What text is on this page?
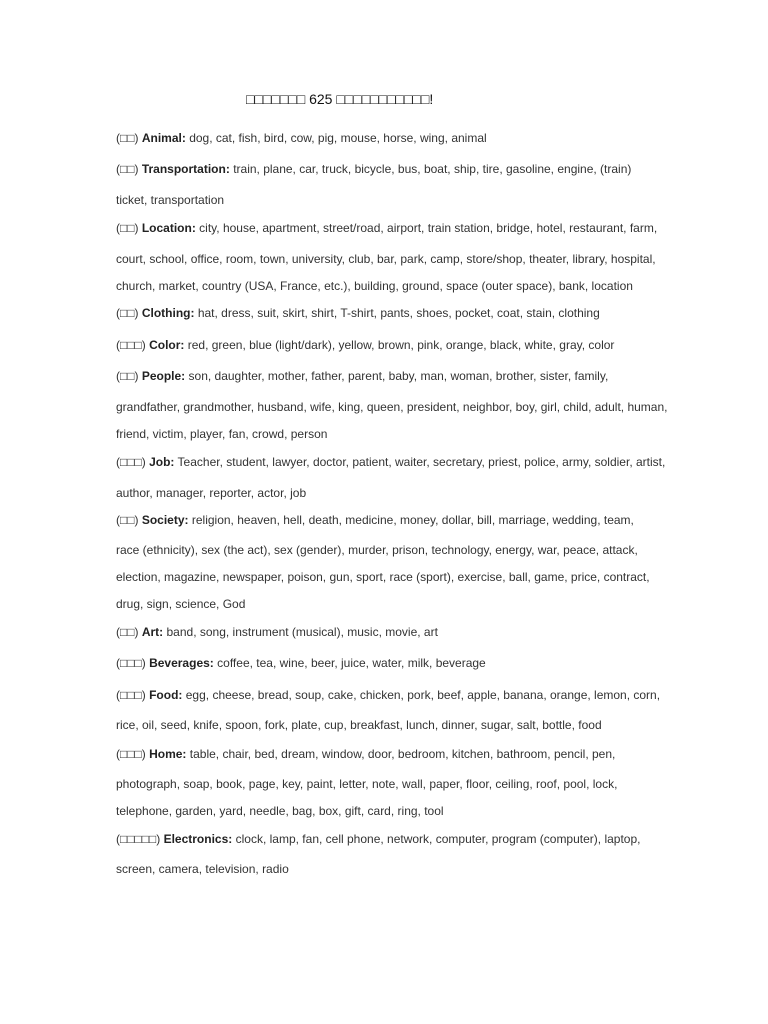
□□□□□□□ 625 □□□□□□□□□□□!
(□□) Animal: dog, cat, fish, bird, cow, pig, mouse, horse, wing, animal
(□□) Transportation: train, plane, car, truck, bicycle, bus, boat, ship, tire, gasoline, engine, (train)
ticket, transportation
(□□) Location: city, house, apartment, street/road, airport, train station, bridge, hotel, restaurant, farm,
court, school, office, room, town, university, club, bar, park, camp, store/shop, theater, library, hospital,
church, market, country (USA, France, etc.), building, ground, space (outer space), bank, location
(□□) Clothing: hat, dress, suit, skirt, shirt, T-shirt, pants, shoes, pocket, coat, stain, clothing
(□□□) Color: red, green, blue (light/dark), yellow, brown, pink, orange, black, white, gray, color
(□□) People: son, daughter, mother, father, parent, baby, man, woman, brother, sister, family,
grandfather, grandmother, husband, wife, king, queen, president, neighbor, boy, girl, child, adult, human,
friend, victim, player, fan, crowd, person
(□□□) Job: Teacher, student, lawyer, doctor, patient, waiter, secretary, priest, police, army, soldier, artist,
author, manager, reporter, actor, job
(□□) Society: religion, heaven, hell, death, medicine, money, dollar, bill, marriage, wedding, team,
race (ethnicity), sex (the act), sex (gender), murder, prison, technology, energy, war, peace, attack,
election, magazine, newspaper, poison, gun, sport, race (sport), exercise, ball, game, price, contract,
drug, sign, science, God
(□□) Art: band, song, instrument (musical), music, movie, art
(□□□) Beverages: coffee, tea, wine, beer, juice, water, milk, beverage
(□□□) Food: egg, cheese, bread, soup, cake, chicken, pork, beef, apple, banana, orange, lemon, corn,
rice, oil, seed, knife, spoon, fork, plate, cup, breakfast, lunch, dinner, sugar, salt, bottle, food
(□□□) Home: table, chair, bed, dream, window, door, bedroom, kitchen, bathroom, pencil, pen,
photograph, soap, book, page, key, paint, letter, note, wall, paper, floor, ceiling, roof, pool, lock,
telephone, garden, yard, needle, bag, box, gift, card, ring, tool
(□□□□□) Electronics: clock, lamp, fan, cell phone, network, computer, program (computer), laptop,
screen, camera, television, radio
